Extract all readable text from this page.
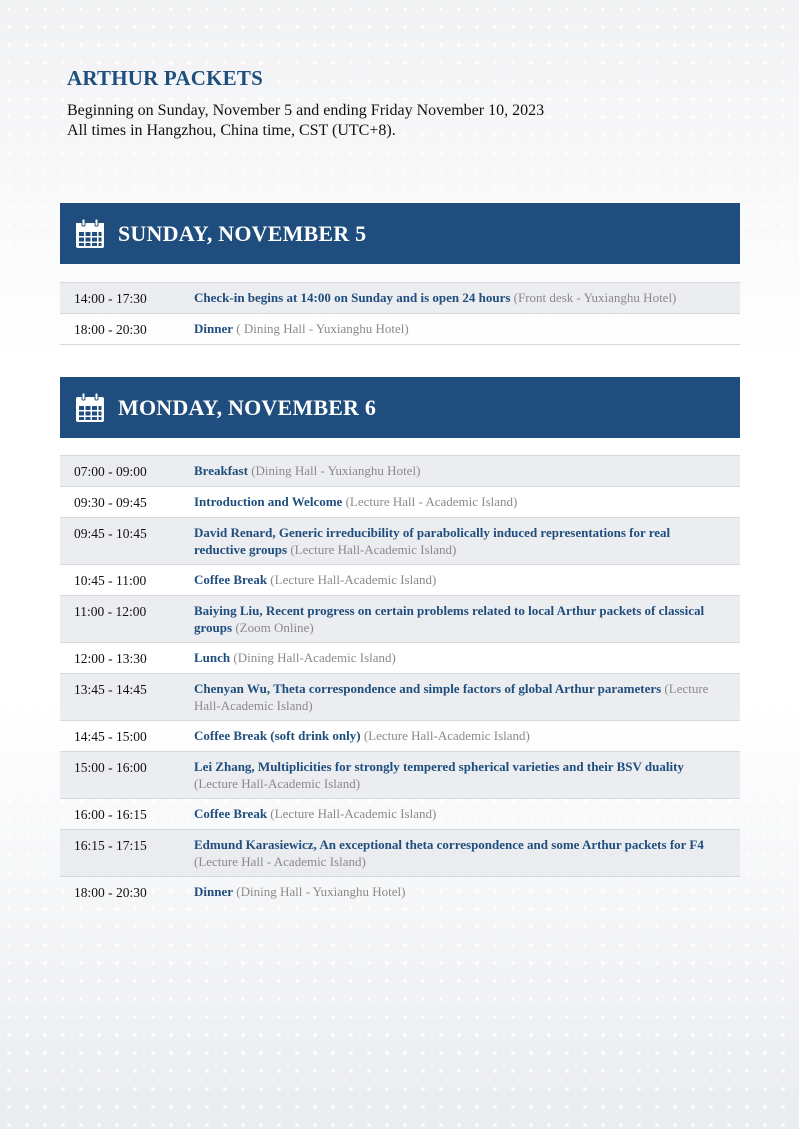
ARTHUR PACKETS
Beginning on Sunday, November 5 and ending Friday November 10, 2023
All times in Hangzhou, China time, CST (UTC+8).
SUNDAY, NOVEMBER 5
14:00 - 17:30	Check-in begins at 14:00 on Sunday and is open 24 hours (Front desk - Yuxianghu Hotel)
18:00 - 20:30	Dinner ( Dining Hall - Yuxianghu Hotel)
MONDAY, NOVEMBER 6
07:00 - 09:00	Breakfast (Dining Hall - Yuxianghu Hotel)
09:30 - 09:45	Introduction and Welcome (Lecture Hall - Academic Island)
09:45 - 10:45	David Renard, Generic irreducibility of parabolically induced representations for real reductive groups (Lecture Hall-Academic Island)
10:45 - 11:00	Coffee Break (Lecture Hall-Academic Island)
11:00 - 12:00	Baiying Liu, Recent progress on certain problems related to local Arthur packets of classical groups (Zoom Online)
12:00 - 13:30	Lunch (Dining Hall-Academic Island)
13:45 - 14:45	Chenyan Wu, Theta correspondence and simple factors of global Arthur parameters (Lecture Hall-Academic Island)
14:45 - 15:00	Coffee Break (soft drink only) (Lecture Hall-Academic Island)
15:00 - 16:00	Lei Zhang, Multiplicities for strongly tempered spherical varieties and their BSV duality (Lecture Hall-Academic Island)
16:00 - 16:15	Coffee Break (Lecture Hall-Academic Island)
16:15 - 17:15	Edmund Karasiewicz, An exceptional theta correspondence and some Arthur packets for F4 (Lecture Hall - Academic Island)
18:00 - 20:30	Dinner (Dining Hall - Yuxianghu Hotel)
